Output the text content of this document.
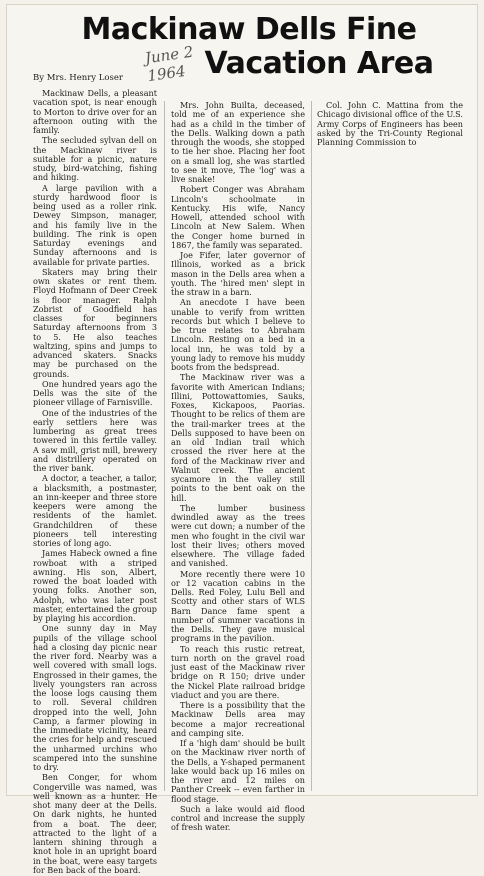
Mackinaw Dells Fine
Vacation Area
June 2
1964
By Mrs. Henry Loser

Mackinaw Dells, a pleasant vacation spot, is near enough to Morton to drive over for an afternoon outing with the family.

The secluded sylvan dell on the Mackinaw river is suitable for a picnic, nature study, bird-watching, fishing and hiking.

A large pavilion with a sturdy hardwood floor is being used as a roller rink. Dewey Simpson, manager, and his family live in the building. The rink is open Saturday evenings and Sunday afternoons and is available for private parties.

Skaters may bring their own skates or rent them. Floyd Hofmann of Deer Creek is floor manager. Ralph Zobrist of Goodfield has classes for beginners Saturday afternoons from 3 to 5. He also teaches waltzing, spins and jumps to advanced skaters. Snacks may be purchased on the grounds.

One hundred years ago the Dells was the site of the pioneer village of Farnisville.

One of the industries of the early settlers here was lumbering as great trees towered in this fertile valley. A saw mill, grist mill, brewery and distrillery operated on the river bank.

A doctor, a teacher, a tailor, a blacksmith, a postmaster, an inn-keeper and three store keepers were among the residents of the hamlet. Grandchildren of these pioneers tell interesting stories of long ago.

James Habeck owned a fine rowboat with a striped awning. His son, Albert, rowed the boat loaded with young folks. Another son, Adolph, who was later post master, entertained the group by playing his accordion.

One sunny day in May pupils of the village school had a closing day picnic near the river ford. Nearby was a well covered with small logs. Engrossed in their games, the lively youngsters ran across the loose logs causing them to roll. Several children dropped into the well, John Camp, a farmer plowing in the immediate vicinity, heard the cries for help and rescued the unharmed urchins who scampered into the sunshine to dry.

Ben Conger, for whom Congerville was named, was well known as a hunter. He shot many deer at the Dells. On dark nights, he hunted from a boat. The deer, attracted to the light of a lantern shining through a knot hole in an upright board in the boat, were easy targets for Ben back of the board.

Mrs. John Builta, deceased, told me of an experience she had as a child in the timber of the Dells. Walking down a path through the woods, she stopped to tie her shoe. Placing her foot on a small log, she was startled to see it move, The 'log' was a live snake!

Robert Conger was Abraham Lincoln's schoolmate in Kentucky. His wife, Nancy Howell, attended school with Lincoln at New Salem. When the Conger home burned in 1867, the family was separated.

Joe Fifer, later governor of Illinois, worked as a brick mason in the Dells area when a youth. The 'hired men' slept in the straw in a barn.

An anecdote I have been unable to verify from written records but which I believe to be true relates to Abraham Lincoln. Resting on a bed in a local inn, he was told by a young lady to remove his muddy boots from the bedspread.

The Mackinaw river was a favorite with American Indians; Illini, Pottowattomies, Sauks, Foxes, Kickapoos, Paorias. Thought to be relics of them are the trail-marker trees at the Dells supposed to have been on an old Indian trail which crossed the river here at the ford of the Mackinaw river and Walnut creek. The ancient sycamore in the valley still points to the bent oak on the hill.

The lumber business dwindled away as the trees were cut down; a number of the men who fought in the civil war lost their lives; others moved elsewhere. The village faded and vanished.

More recently there were 10 or 12 vacation cabins in the Dells. Red Foley, Lulu Bell and Scotty and other stars of WLS Barn Dance fame spent a number of summer vacations in the Dells. They gave musical programs in the pavilion.

To reach this rustic retreat, turn north on the gravel road just east of the Mackinaw river bridge on R 150; drive under the Nickel Plate railroad bridge viaduct and you are there.

There is a possibility that the Mackinaw Dells area may become a major recreational and camping site.

If a 'high dam' should be built on the Mackinaw river north of the Dells, a Y-shaped permanent lake would back up 16 miles on the river and 12 miles on Panther Creek -- even farther in flood stage.

Such a lake would aid flood control and increase the supply of fresh water.

Col. John C. Mattina from the Chicago divisional office of the U.S. Army Corps of Engineers has been asked by the Tri-County Regional Planning Commission to
